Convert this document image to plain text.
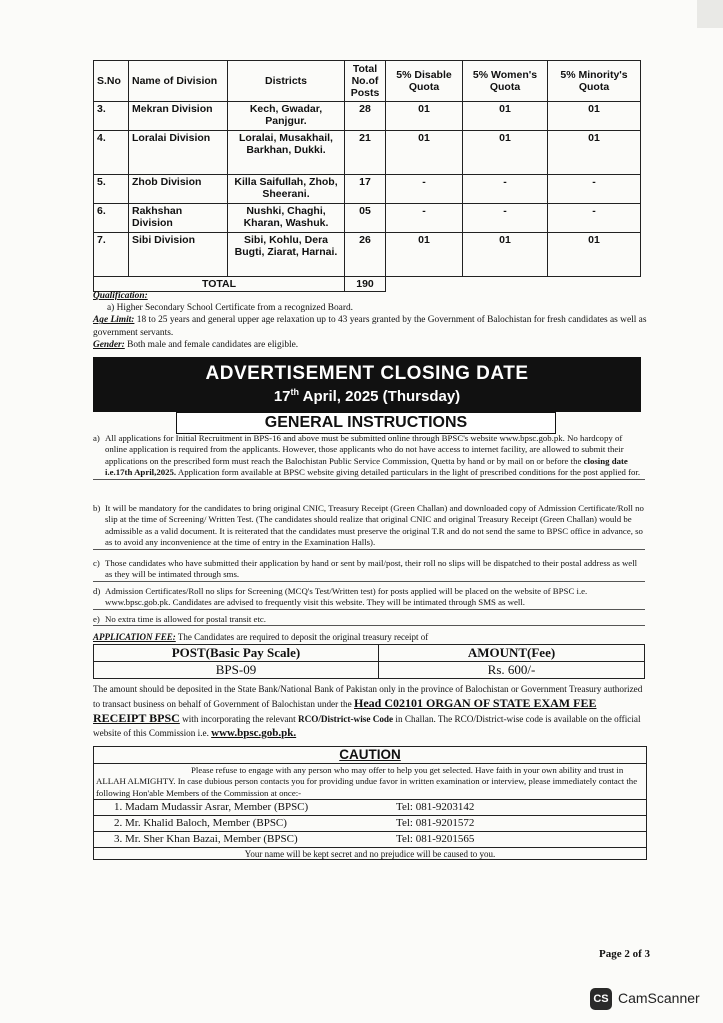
S.No	Name of Division	Districts	Total No.of Posts	5% Disable Quota	5% Women's Quota	5% Minority's Quota
3.	Mekran Division	Kech, Gwadar, Panjgur.	28	01	01	01
4.	Loralai Division	Loralai, Musakhail, Barkhan, Dukki.	21	01	01	01
5.	Zhob Division	Killa Saifullah, Zhob, Sheerani.	17	-	-	-
6.	Rakhshan Division	Nushki, Chaghi, Kharan, Washuk.	05	-	-	-
7.	Sibi Division	Sibi, Kohlu, Dera Bugti, Ziarat, Harnai.	26	01	01	01
TOTAL			190			
Qualification:
a) Higher Secondary School Certificate from a recognized Board.
Age Limit: 18 to 25 years and general upper age relaxation up to 43 years granted by the Government of Balochistan for fresh candidates as well as government servants.
Gender: Both male and female candidates are eligible.
ADVERTISEMENT CLOSING DATE
17th April, 2025 (Thursday)
GENERAL INSTRUCTIONS
a) All applications for Initial Recruitment in BPS-16 and above must be submitted online through BPSC's website www.bpsc.gob.pk. No hardcopy of online application is required from the applicants. However, those applicants who do not have access to internet facility, are allowed to submit their applications on the prescribed form must reach the Balochistan Public Service Commission, Quetta by hand or by mail on or before the closing date i.e.17th April,2025. Application form available at BPSC website giving detailed particulars in the light of prescribed conditions for the post applied for.
b) It will be mandatory for the candidates to bring original CNIC, Treasury Receipt (Green Challan) and downloaded copy of Admission Certificate/Roll no slip at the time of Screening/ Written Test. (The candidates should realize that original CNIC and original Treasury Receipt (Green Challan) would be admissible as a valid document. It is reiterated that the candidates must preserve the original T.R and do not send the same to BPSC office in advance, so as to avoid any inconvenience at the time of entry in the Examination Halls).
c) Those candidates who have submitted their application by hand or sent by mail/post, their roll no slips will be dispatched to their postal address as well as they will be intimated through sms.
d) Admission Certificates/Roll no slips for Screening (MCQ's Test/Written test) for posts applied will be placed on the website of BPSC i.e. www.bpsc.gob.pk. Candidates are advised to frequently visit this website. They will be intimated through SMS as well.
e) No extra time is allowed for postal transit etc.
APPLICATION FEE: The Candidates are required to deposit the original treasury receipt of
POST(Basic Pay Scale)	AMOUNT(Fee)
BPS-09	Rs. 600/-
The amount should be deposited in the State Bank/National Bank of Pakistan only in the province of Balochistan or Government Treasury authorized to transact business on behalf of Government of Balochistan under the Head C02101 ORGAN OF STATE EXAM FEE RECEIPT BPSC with incorporating the relevant RCO/District-wise Code in Challan. The RCO/District-wise code is available on the official website of this Commission i.e. www.bpsc.gob.pk.
CAUTION
Please refuse to engage with any person who may offer to help you get selected. Have faith in your own ability and trust in ALLAH ALMIGHTY. In case dubious person contacts you for providing undue favor in written examination or interview, please immediately contact the following Hon'able Members of the Commission at once:-
1. Madam Mudassir Asrar, Member (BPSC)	Tel: 081-9203142
2. Mr. Khalid Baloch, Member (BPSC)	Tel: 081-9201572
3. Mr. Sher Khan Bazai, Member (BPSC)	Tel: 081-9201565
Your name will be kept secret and no prejudice will be caused to you.
Page 2 of 3
CS CamScanner
